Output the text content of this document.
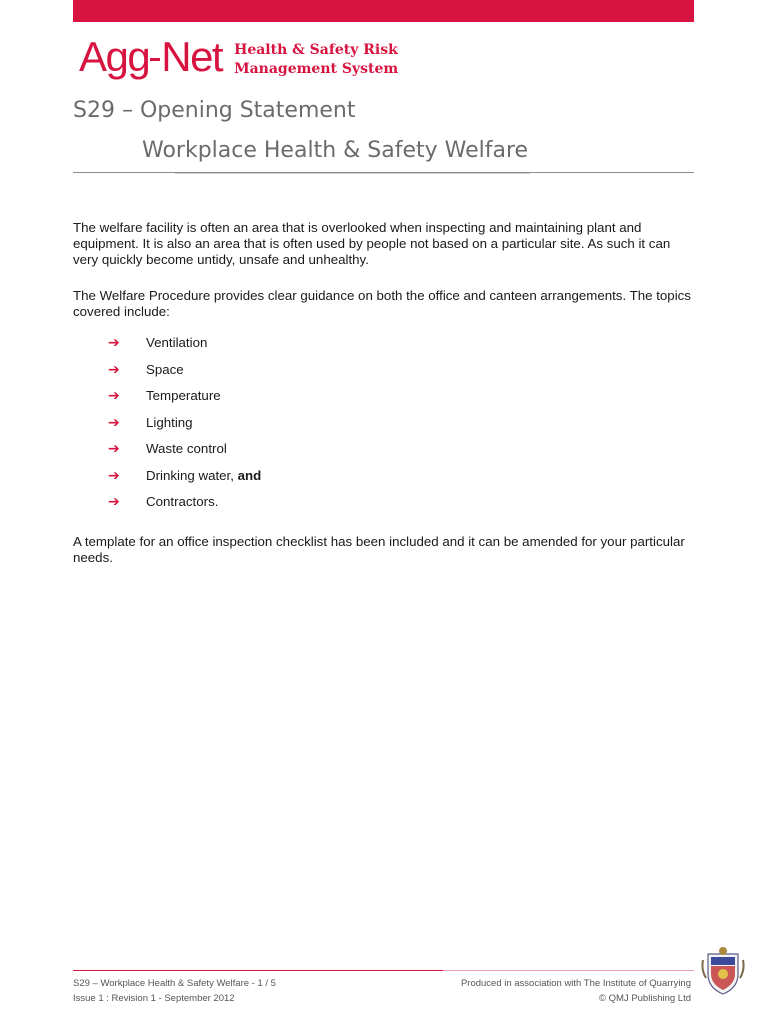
Agg Net Health & Safety Risk
Management System
S29 – Opening Statement
Workplace Health & Safety Welfare

The welfare facility is often an area that is overlooked when inspecting and maintaining plant and equipment. It is also an area that is often used by people not based on a particular site. As such it can very quickly become untidy, unsafe and unhealthy.

The Welfare Procedure provides clear guidance on both the office and canteen arrangements. The topics covered include:

➔	Ventilation
➔	Space
➔	Temperature
➔	Lighting
➔	Waste control
➔	Drinking water, and
➔	Contractors.

A template for an office inspection checklist has been included and it can be amended for your particular needs.

S29 – Workplace Health & Safety Welfare - 1 / 5
Issue 1 : Revision 1 - September 2012
Produced in association with The Institute of Quarrying
© QMJ Publishing Ltd
